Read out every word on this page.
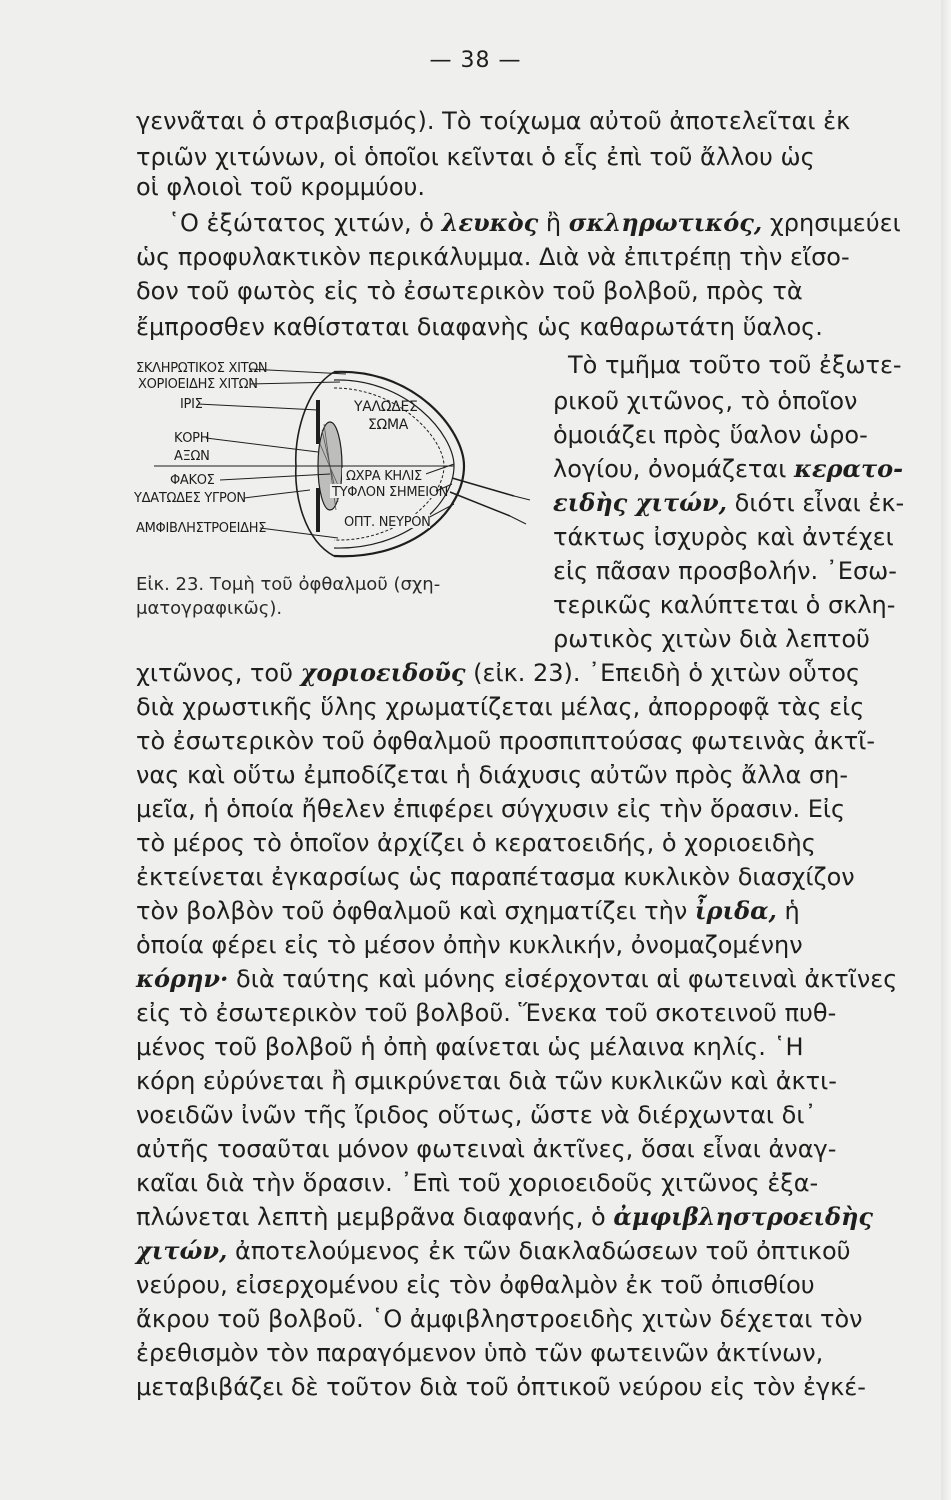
— 38 —
γεννᾶται ὁ στραβισμός). Τὸ τοίχωμα αὐτοῦ ἀποτελεῖται ἐκ
τριῶν χιτώνων, οἱ ὁποῖοι κεῖνται ὁ εἷς ἐπὶ τοῦ ἄλλου ὡς
οἱ φλοιοὶ τοῦ κρομμύου.
῾Ο ἐξώτατος χιτών, ὁ λευκὸς ἢ σκληρωτικός, χρησιμεύει
ὡς προφυλακτικὸν περικάλυμμα. Διὰ νὰ ἐπιτρέπῃ τὴν εἴσο-
δον τοῦ φωτὸς εἰς τὸ ἐσωτερικὸν τοῦ βολβοῦ, πρὸς τὰ
ἔμπροσθεν καθίσταται διαφανὴς ὡς καθαρωτάτη ὕαλος.
Τὸ τμῆμα τοῦτο τοῦ ἐξωτε-
ρικοῦ χιτῶνος, τὸ ὁποῖον
ὁμοιάζει πρὸς ὕαλον ὡρο-
λογίου, ὀνομάζεται κερατο-
ειδὴς χιτών, διότι εἶναι ἐκ-
τάκτως ἰσχυρὸς καὶ ἀντέχει
εἰς πᾶσαν προσβολήν. ᾿Εσω-
τερικῶς καλύπτεται ὁ σκλη-
ρωτικὸς χιτὼν διὰ λεπτοῦ
ΣΚΛΗΡΩΤΙΚΟΣ ΧΙΤΩΝ
ΧΟΡΙΟΕΙΔΗΣ ΧΙΤΩΝ
ΙΡΙΣ
ΚΟΡΗ
ΑΞΩΝ
ΦΑΚΟΣ
ΥΔΑΤΩΔΕΣ ΥΓΡΟΝ
ΑΜΦΙΒΛΗΣΤΡΟΕΙΔΗΣ
ΥΑΛΩΔΕΣ
ΣΩΜΑ
ΩΧΡΑ ΚΗΛΙΣ
ΤΥΦΛΟΝ ΣΗΜΕΙΟΝ
ΟΠΤ. ΝΕΥΡΟΝ
Εἰκ. 23. Τομὴ τοῦ ὀφθαλμοῦ (σχη-
ματογραφικῶς).
χιτῶνος, τοῦ χοριοειδοῦς (εἰκ. 23). ᾿Επειδὴ ὁ χιτὼν οὗτος
διὰ χρωστικῆς ὕλης χρωματίζεται μέλας, ἀπορροφᾷ τὰς εἰς
τὸ ἐσωτερικὸν τοῦ ὀφθαλμοῦ προσπιπτούσας φωτεινὰς ἀκτῖ-
νας καὶ οὕτω ἐμποδίζεται ἡ διάχυσις αὐτῶν πρὸς ἄλλα ση-
μεῖα, ἡ ὁποία ἤθελεν ἐπιφέρει σύγχυσιν εἰς τὴν ὅρασιν. Εἰς
τὸ μέρος τὸ ὁποῖον ἀρχίζει ὁ κερατοειδής, ὁ χοριοειδὴς
ἐκτείνεται ἐγκαρσίως ὡς παραπέτασμα κυκλικὸν διασχίζον
τὸν βολβὸν τοῦ ὀφθαλμοῦ καὶ σχηματίζει τὴν ἶριδα, ἡ
ὁποία φέρει εἰς τὸ μέσον ὀπὴν κυκλικήν, ὀνομαζομένην
κόρην· διὰ ταύτης καὶ μόνης εἰσέρχονται αἱ φωτειναὶ ἀκτῖνες
εἰς τὸ ἐσωτερικὸν τοῦ βολβοῦ. Ἕνεκα τοῦ σκοτεινοῦ πυθ-
μένος τοῦ βολβοῦ ἡ ὀπὴ φαίνεται ὡς μέλαινα κηλίς. ῾Η
κόρη εὐρύνεται ἢ σμικρύνεται διὰ τῶν κυκλικῶν καὶ ἀκτι-
νοειδῶν ἰνῶν τῆς ἴριδος οὕτως, ὥστε νὰ διέρχωνται δι᾿
αὐτῆς τοσαῦται μόνον φωτειναὶ ἀκτῖνες, ὅσαι εἶναι ἀναγ-
καῖαι διὰ τὴν ὅρασιν. ᾿Επὶ τοῦ χοριοειδοῦς χιτῶνος ἐξα-
πλώνεται λεπτὴ μεμβρᾶνα διαφανής, ὁ ἀμφιβληστροειδὴς
χιτών, ἀποτελούμενος ἐκ τῶν διακλαδώσεων τοῦ ὀπτικοῦ
νεύρου, εἰσερχομένου εἰς τὸν ὀφθαλμὸν ἐκ τοῦ ὀπισθίου
ἄκρου τοῦ βολβοῦ. ῾Ο ἀμφιβληστροειδὴς χιτὼν δέχεται τὸν
ἐρεθισμὸν τὸν παραγόμενον ὑπὸ τῶν φωτεινῶν ἀκτίνων,
μεταβιβάζει δὲ τοῦτον διὰ τοῦ ὀπτικοῦ νεύρου εἰς τὸν ἐγκέ-
